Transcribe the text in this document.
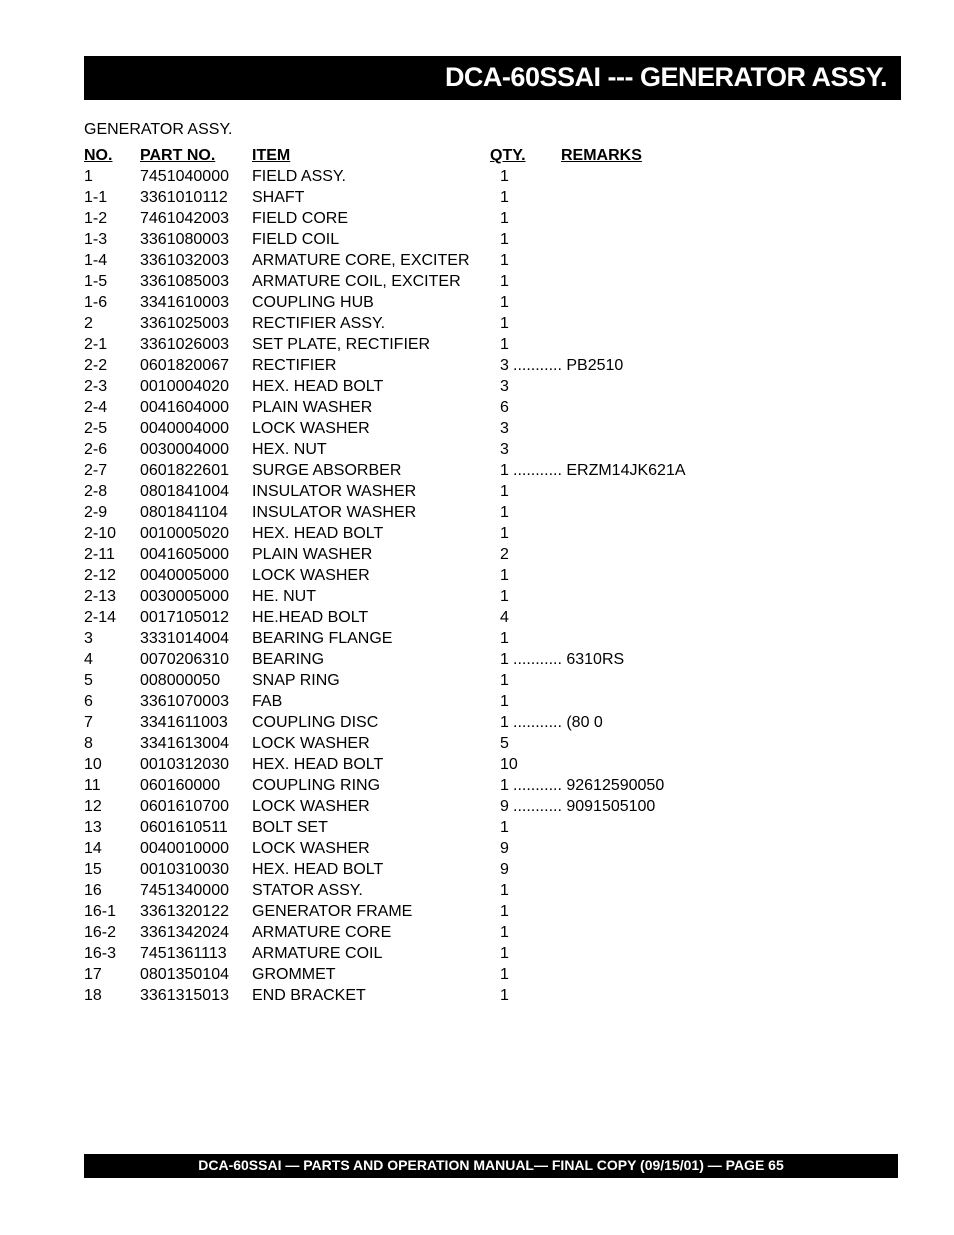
DCA-60SSAI --- GENERATOR ASSY.
GENERATOR ASSY.
NO. PART NO. ITEM	QTY. REMARKS
1	7451040000 FIELD ASSY.	1
1-1 3361010112 SHAFT	1
1-2 7461042003 FIELD CORE	1
1-3 3361080003 FIELD COIL	1
1-4 3361032003 ARMATURE CORE, EXCITER 1
1-5 3361085003 ARMATURE COIL, EXCITER 1
1-6 3341610003 COUPLING HUB	1
2	3361025003 RECTIFIER ASSY.	1
2-1 3361026003 SET PLATE, RECTIFIER	1
2-2 0601820067 RECTIFIER	3 ........... PB2510
2-3 0010004020 HEX. HEAD BOLT	3
2-4 0041604000 PLAIN WASHER	6
2-5 0040004000 LOCK WASHER	3
2-6 0030004000 HEX. NUT	3
2-7 0601822601 SURGE ABSORBER	1 ........... ERZM14JK621A
2-8 0801841004 INSULATOR WASHER	1
2-9 0801841104 INSULATOR WASHER	1
2-10 0010005020 HEX. HEAD BOLT	1
2-11 0041605000 PLAIN WASHER	2
2-12 0040005000 LOCK WASHER	1
2-13 0030005000 HE. NUT	1
2-14 0017105012 HE.HEAD BOLT	4
3	3331014004 BEARING FLANGE	1
4	0070206310 BEARING	1 ........... 6310RS
5	008000050 SNAP RING	1
6	3361070003 FAB	1
7	3341611003 COUPLING DISC	1 ........... (80 0
8	3341613004 LOCK WASHER	5
10 0010312030 HEX. HEAD BOLT	10
11 060160000 COUPLING RING	1 ........... 92612590050
12 0601610700 LOCK WASHER	9 ........... 9091505100
13 0601610511 BOLT SET	1
14 0040010000 LOCK WASHER	9
15 0010310030 HEX. HEAD BOLT	9
16 7451340000 STATOR ASSY.	1
16-1 3361320122 GENERATOR FRAME	1
16-2 3361342024 ARMATURE CORE	1
16-3 7451361113 ARMATURE COIL	1
17 0801350104 GROMMET	1
18 3361315013 END BRACKET	1
DCA-60SSAI — PARTS AND OPERATION MANUAL— FINAL COPY (09/15/01) — PAGE 65
